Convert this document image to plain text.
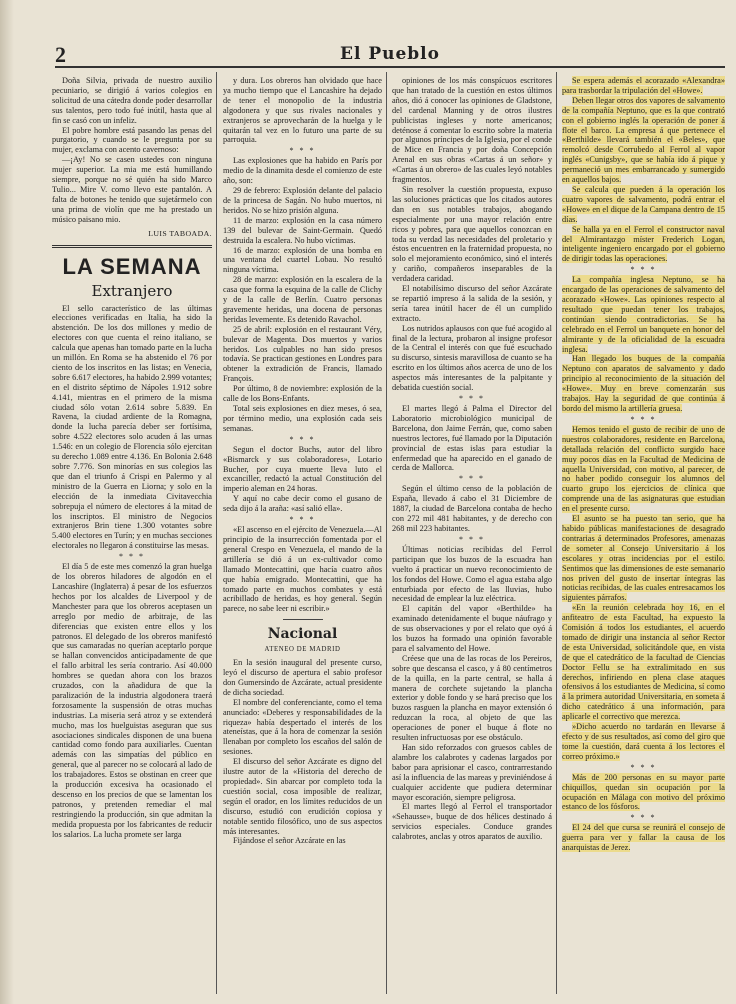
2	El Pueblo

Doña Silvia, privada de nuestro auxilio pecuniario, se dirigió á varios colegios en solicitud de una cátedra donde poder desarrollar sus talentos, pero todo fué inútil, hasta que al fin se casó con un infeliz.

El pobre hombre está pasando las penas del purgatorio, y cuando se le pregunta por su mujer, exclama con acento cavernoso:

—¡Ay! No se casen ustedes con ninguna mujer superior. La mia me está humillando siempre, porque no sé quién ha sido Marco Tulio... Mire V. como llevo este pantalón. A falta de botones he tenido que sujetármelo con una prima de violín que me ha prestado un músico paisano mio.

LUIS TABOADA.

LA SEMANA
Extranjero

El sello característico de las últimas elecciones verificadas en Italia, ha sido la abstención. De los dos millones y medio de electores con que cuenta el reino italiano, se calcula que apenas han tomado parte en la lucha un millón. En Roma se ha abstenido el 76 por ciento de los inscritos en las listas; en Venecia, sobre 6.617 electores, ha habido 2.999 votantes; en el distrito séptimo de Nápoles 1.912 sobre 4.141, mientras en el primero de la misma ciudad sólo votan 2.614 sobre 5.839. En Ravena, la ciudad ardiente de la Romagna, donde la lucha parecía deber ser fortísima, sobre 4.522 electores solo acuden á las urnas 1.546: en un colegio de Florencia sólo ejercitan su derecho 1.089 entre 4.136. En Bolonia 2.648 sobre 7.776. Son minorías en sus colegios las que dan el triunfo á Crispi en Palermo y al ministro de la Guerra en Liorna; y solo en la elección de la inmediata Civitavecchia sobrepuja el número de electores á la mitad de los inscriptos. El ministro de Negocios extranjeros Brin tiene 1.300 votantes sobre 5.400 electores en Turín; y en muchas secciones electorales no llegaron á constituirse las mesas.

* * *

El día 5 de este mes comenzó la gran huelga de los obreros hiladores de algodón en el Lancashire (Inglaterra) á pesar de los esfuerzos hechos por los alcaldes de Liverpool y de Manchester para que los obreros aceptasen un arreglo por medio de arbitraje, de las diferencias que existen entre ellos y los patronos. El delegado de los obreros manifestó que sus camaradas no querían aceptarlo porque se hallan convencidos anticipadamente de que el fallo arbitral les sería contrario. Así 40.000 hombres se quedan ahora con los brazos cruzados, con la añadidura de que la paralización de la industria algodonera traerá forzosamente la suspensión de otras muchas industrias. La miseria será atroz y se extenderá mucho, mas los huelguistas aseguran que sus asociaciones sindicales disponen de una buena cantidad como fondo para auxiliarles. Cuentan además con las simpatías del público en general, que al parecer no se colocará al lado de los trabajadores. Estos se obstinan en creer que la producción excesiva ha ocasionado el descenso en los precios de que se lamentan los patronos, y pretenden remediar el mal restringiendo la producción, sin que admitan la medida propuesta por los fabricantes de reducir los salarios. La lucha promete ser larga

y dura. Los obreros han olvidado que hace ya mucho tiempo que el Lancashire ha dejado de tener el monopolio de la industria algodonera y que sus rivales nacionales y extranjeros se aprovecharán de la huelga y le quitarán tal vez en lo futuro una parte de su parroquia.

* * *

Las explosiones que ha habido en París por medio de la dinamita desde el comienzo de este año, son:

29 de febrero: Explosión delante del palacio de la princesa de Sagán. No hubo muertos, ni heridos. No se hizo prisión alguna.

11 de marzo: explosión en la casa número 139 del bulevar de Saint-Germain. Quedó destruida la escalera. No hubo víctimas.

16 de marzo: explosión de una bomba en una ventana del cuartel Lobau. No resultó ninguna víctima.

28 de marzo: explosión en la escalera de la casa que forma la esquina de la calle de Clichy y de la calle de Berlín. Cuatro personas gravemente heridas, una docena de personas heridas levemente. Es detenido Ravachol.

25 de abril: explosión en el restaurant Véry, bulevar de Magenta. Dos muertos y varios heridos. Los culpables no han sido presos todavía. Se practican gestiones en Londres para obtener la extradición de Francis, llamado François.

Por último, 8 de noviembre: explosión de la calle de los Bons-Enfants.

Total seis explosiones en diez meses, ó sea, por término medio, una explosión cada seis semanas.

* * *

Segun el doctor Buchs, autor del libro «Bismarck y sus colaboradores», Lotario Bucher, por cuya muerte lleva luto el excanciller, redactó la actual Constitución del imperio aleman en 24 horas.

Y aquí no cabe decir como el gusano de seda dijo á la araña: «así salió ella».

* * *

«El ascenso en el ejército de Venezuela.—Al principio de la insurrección fomentada por el general Crespo en Venezuela, el mando de la artillería se dió á un ex-cultivador como llamado Montecattini, que hacía cuatro años que había emigrado. Montecattini, que ha tomado parte en muchos combates y está acribillado de heridas, es hoy general. Según parece, no sabe leer ni escribir.»

Nacional

ATENEO DE MADRID

En la sesión inaugural del presente curso, leyó el discurso de apertura el sabio profesor don Gumersindo de Azcárate, actual presidente de dicha sociedad.

El nombre del conferenciante, como el tema anunciado: «Deberes y responsabilidades de la riqueza» había despertado el interés de los ateneístas, que á la hora de comenzar la sesión llenaban por completo los escaños del salón de sesiones.

El discurso del señor Azcárate es digno del ilustre autor de la «Historia del derecho de propiedad». Sin abarcar por completo toda la cuestión social, cosa imposible de realizar, según el orador, en los límites reducidos de un discurso, estudió con erudición copiosa y notable sentido filosófico, uno de sus aspectos más interesantes.

Fijándose el señor Azcárate en las

opiniones de los más conspícuos escritores que han tratado de la cuestión en estos últimos años, dió á conocer las opiniones de Gladstone, del cardenal Manning y de otros ilustres publicistas ingleses y norte americanos; deténose á comentar lo escrito sobre la materia por algunos príncipes de la Iglesia, por el conde de Mice en Francia y por doña Concepción Arenal en sus obras «Cartas á un señor» y «Cartas á un obrero» de las cuales leyó notables fragmentos.

Sin resolver la cuestión propuesta, expuso las soluciones prácticas que los citados autores dan en sus notables trabajos, abogando especialmente por una mayor relación entre ricos y pobres, para que aquellos conozcan en toda su verdad las necesidades del proletario y éstos encuentren en la fraternidad propuesta, no solo el mejoramiento económico, sinó el interés y cariño, compañeros inseparables de la verdadera caridad.

El notabilísimo discurso del señor Azcárate se repartió impreso á la salida de la sesión, y sería tarea inútil hacer de él un cumplido extracto.

Los nutridos aplausos con que fué acogido al final de la lectura, probaron al insigne profesor de la Central el interés con que fué escuchado su discurso, sintesis maravillosa de cuanto se ha escrito en los últimos años acerca de uno de los aspectos más interesantes de la palpitante y debatida cuestión social.

* * *

El martes llegó á Palma el Director del Laboratorio microbiológico municipal de Barcelona, don Jaime Ferrán, que, como saben nuestros lectores, fué llamado por la Diputación provincial de estas islas para estudiar la enfermedad que ha aparecido en el ganado de cerda de Mallorca.

* * *

Según el último censo de la población de España, llevado á cabo el 31 Diciembre de 1887, la ciudad de Barcelona contaba de hecho con 272 mil 481 habitantes, y de derecho con 268 mil 223 habitantes.

* * *

Últimas noticias recibidas del Ferrol participan que los buzos de la escuadra han vuelto á practicar un nuevo reconocimiento de los fondos del Howe. Como el agua estaba algo enturbiada por efecto de las lluvias, hubo necesidad de emplear la luz eléctrica.

El capitán del vapor «Berthilde» ha examinado detenidamente el buque náufrago y de sus observaciones y por el relato que oyó á los buzos ha formado una opinión favorable para el salvamento del Howe.

Créese que una de las rocas de los Pereiros, sobre que descansa el casco, y á 80 centímetros de la quilla, en la parte central, se halla á manera de corchete sujetando la plancha exterior y doble fondo y se hará preciso que los buzos rasguen la plancha en mayor extensión ó reduzcan la roca, al objeto de que las operaciones de poner el buque á flote no resulten infructuosas por ese obstáculo.

Han sido reforzados con gruesos cables de alambre los calabrotes y cadenas largados por babor para aprisionar el casco, contrarrestando así la influencia de las mareas y previniéndose á cualquier accidente que pudiera determinar mayor escoración, siempre peligrosa.

El martes llegó al Ferrol el transportador «Sehausse», buque de dos hélices destinado á servicios especiales. Conduce grandes calabrotes, anclas y otros aparatos de auxilio.

Se espera además el acorazado «Alexandra» para trasbordar la tripulación del «Howe».

Deben llegar otros dos vapores de salvamento de la compañía Neptuno, que es la que contrató con el gobierno inglés la operación de poner á flote el barco. La empresa á que pertenece el «Berthilde» llevará también el «Beles», que remolcó desde Corrubedo al Ferrol al vapor inglés «Cunigsby», que se había ido á pique y permaneció un mes embarrancado y sumergido en aquellos bajos.

Se calcula que pueden á la operación los cuatro vapores de salvamento, podrá entrar el «Howe» en el dique de la Campana dentro de 15 días.

Se halla ya en el Ferrol el constructor naval del Almirantazgo míster Frederich Logan, inteligente ingeniero encargado por el gobierno de dirigir todas las operaciones.

* * *

La compañía inglesa Neptuno, se ha encargado de las operaciones de salvamento del acorazado «Howe». Las opiniones respecto al resultado que puedan tener los trabajos, continúan siendo contradictorias. Se ha celebrado en el Ferrol un banquete en honor del almirante y de la oficialidad de la escuadra inglesa.

Han llegado los buques de la compañía Neptuno con aparatos de salvamento y dado principio al reconocimiento de la situación del «Howe». Muy en breve comenzarán sus trabajos. Hay la seguridad de que continúa á bordo del mismo la artillería gruesa.

* * *

Hemos tenido el gusto de recibir de uno de nuestros colaboradores, residente en Barcelona, detallada relación del conflicto surgido hace muy pocos días en la Facultad de Medicina de aquella Universidad, con motivo, al parecer, de no haber podido conseguir los alumnos del cuarto grupo los ejercicios de clínica que comprende una de las asignaturas que estudian en el presente curso.

El asunto se ha puesto tan serio, que ha habido públicas manifestaciones de desagrado contrarias á determinados Profesores, amenazas de someter al Consejo Universitario á los escolares y otras incidencias por el estilo. Sentimos que las dimensiones de este semanario nos priven del gusto de insertar íntegras las noticias recibidas, de las cuales entresacamos los siguientes párrafos.

«En la reunión celebrada hoy 16, en el anfiteatro de esta Facultad, ha expuesto la Comisión á todos los estudiantes, el acuerdo tomado de dirigir una instancia al señor Rector de esta Universidad, solicitándole que, en vista de que el catedrático de la facultad de Ciencias Doctor Fellu se ha extralimitado en sus derechos, infiriendo en plena clase ataques ofensivos á los estudiantes de Medicina, sí como á la primera autoridad Universitaria, en someta á dicho catedrático á una información, para aplicarle el correctivo que merezca.

»Dicho acuerdo no tardarán en llevarse á efecto y de sus resultados, así como del giro que tome la cuestión, dará cuenta á los lectores el correo próximo.»

* * *

Más de 200 personas en su mayor parte chiquillos, quedan sin ocupación por la ocupación en Málaga con motivo del próximo estanco de los fósforos.

* * *

El 24 del que cursa se reunirá el consejo de guerra para ver y fallar la causa de los anarquistas de Jerez.
